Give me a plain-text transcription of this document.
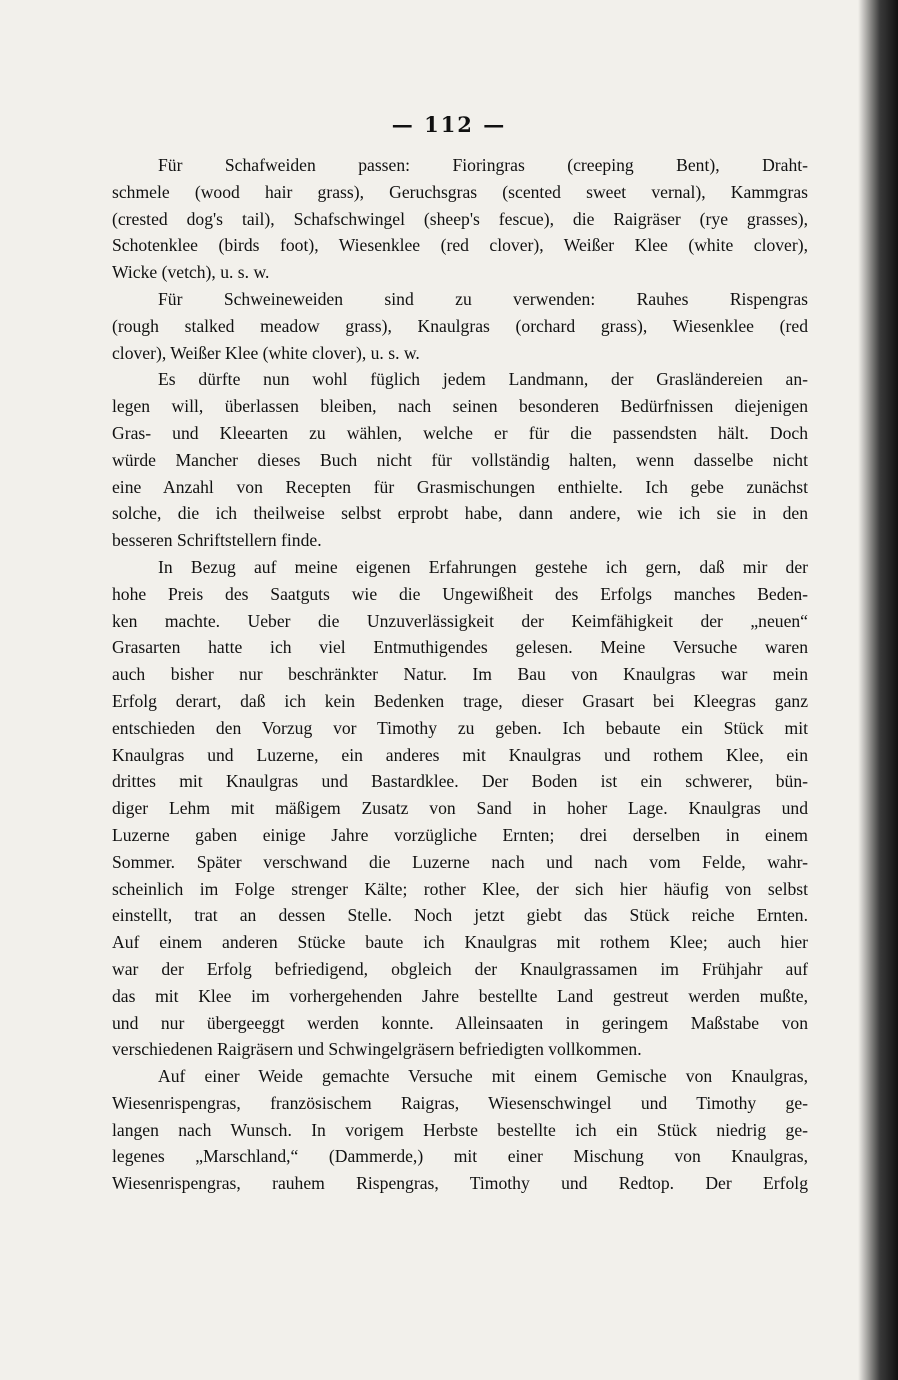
— 112 —
Für Schafweiden passen: Fioringras (creeping Bent), Draht-
schmele (wood hair grass), Geruchsgras (scented sweet vernal), Kammgras
(crested dog's tail), Schafschwingel (sheep's fescue), die Raigräser (rye grasses),
Schotenklee (birds foot), Wiesenklee (red clover), Weißer Klee (white clover),
Wicke (vetch), u. s. w.
Für Schweineweiden sind zu verwenden: Rauhes Rispengras
(rough stalked meadow grass), Knaulgras (orchard grass), Wiesenklee (red
clover), Weißer Klee (white clover), u. s. w.
Es dürfte nun wohl füglich jedem Landmann, der Grasländereien an-
legen will, überlassen bleiben, nach seinen besonderen Bedürfnissen diejenigen
Gras- und Kleearten zu wählen, welche er für die passendsten hält. Doch
würde Mancher dieses Buch nicht für vollständig halten, wenn dasselbe nicht
eine Anzahl von Recepten für Grasmischungen enthielte. Ich gebe zunächst
solche, die ich theilweise selbst erprobt habe, dann andere, wie ich sie in den
besseren Schriftstellern finde.
In Bezug auf meine eigenen Erfahrungen gestehe ich gern, daß mir der
hohe Preis des Saatguts wie die Ungewißheit des Erfolgs manches Beden-
ken machte. Ueber die Unzuverlässigkeit der Keimfähigkeit der „neuen“
Grasarten hatte ich viel Entmuthigendes gelesen. Meine Versuche waren
auch bisher nur beschränkter Natur. Im Bau von Knaulgras war mein
Erfolg derart, daß ich kein Bedenken trage, dieser Grasart bei Kleegras ganz
entschieden den Vorzug vor Timothy zu geben. Ich bebaute ein Stück mit
Knaulgras und Luzerne, ein anderes mit Knaulgras und rothem Klee, ein
drittes mit Knaulgras und Bastardklee. Der Boden ist ein schwerer, bün-
diger Lehm mit mäßigem Zusatz von Sand in hoher Lage. Knaulgras und
Luzerne gaben einige Jahre vorzügliche Ernten; drei derselben in einem
Sommer. Später verschwand die Luzerne nach und nach vom Felde, wahr-
scheinlich im Folge strenger Kälte; rother Klee, der sich hier häufig von selbst
einstellt, trat an dessen Stelle. Noch jetzt giebt das Stück reiche Ernten.
Auf einem anderen Stücke baute ich Knaulgras mit rothem Klee; auch hier
war der Erfolg befriedigend, obgleich der Knaulgrassamen im Frühjahr auf
das mit Klee im vorhergehenden Jahre bestellte Land gestreut werden mußte,
und nur übergeeggt werden konnte. Alleinsaaten in geringem Maßstabe von
verschiedenen Raigräsern und Schwingelgräsern befriedigten vollkommen.
Auf einer Weide gemachte Versuche mit einem Gemische von Knaulgras,
Wiesenrispengras, französischem Raigras, Wiesenschwingel und Timothy ge-
langen nach Wunsch. In vorigem Herbste bestellte ich ein Stück niedrig ge-
legenes „Marschland,“ (Dammerde,) mit einer Mischung von Knaulgras,
Wiesenrispengras, rauhem Rispengras, Timothy und Redtop. Der Erfolg
